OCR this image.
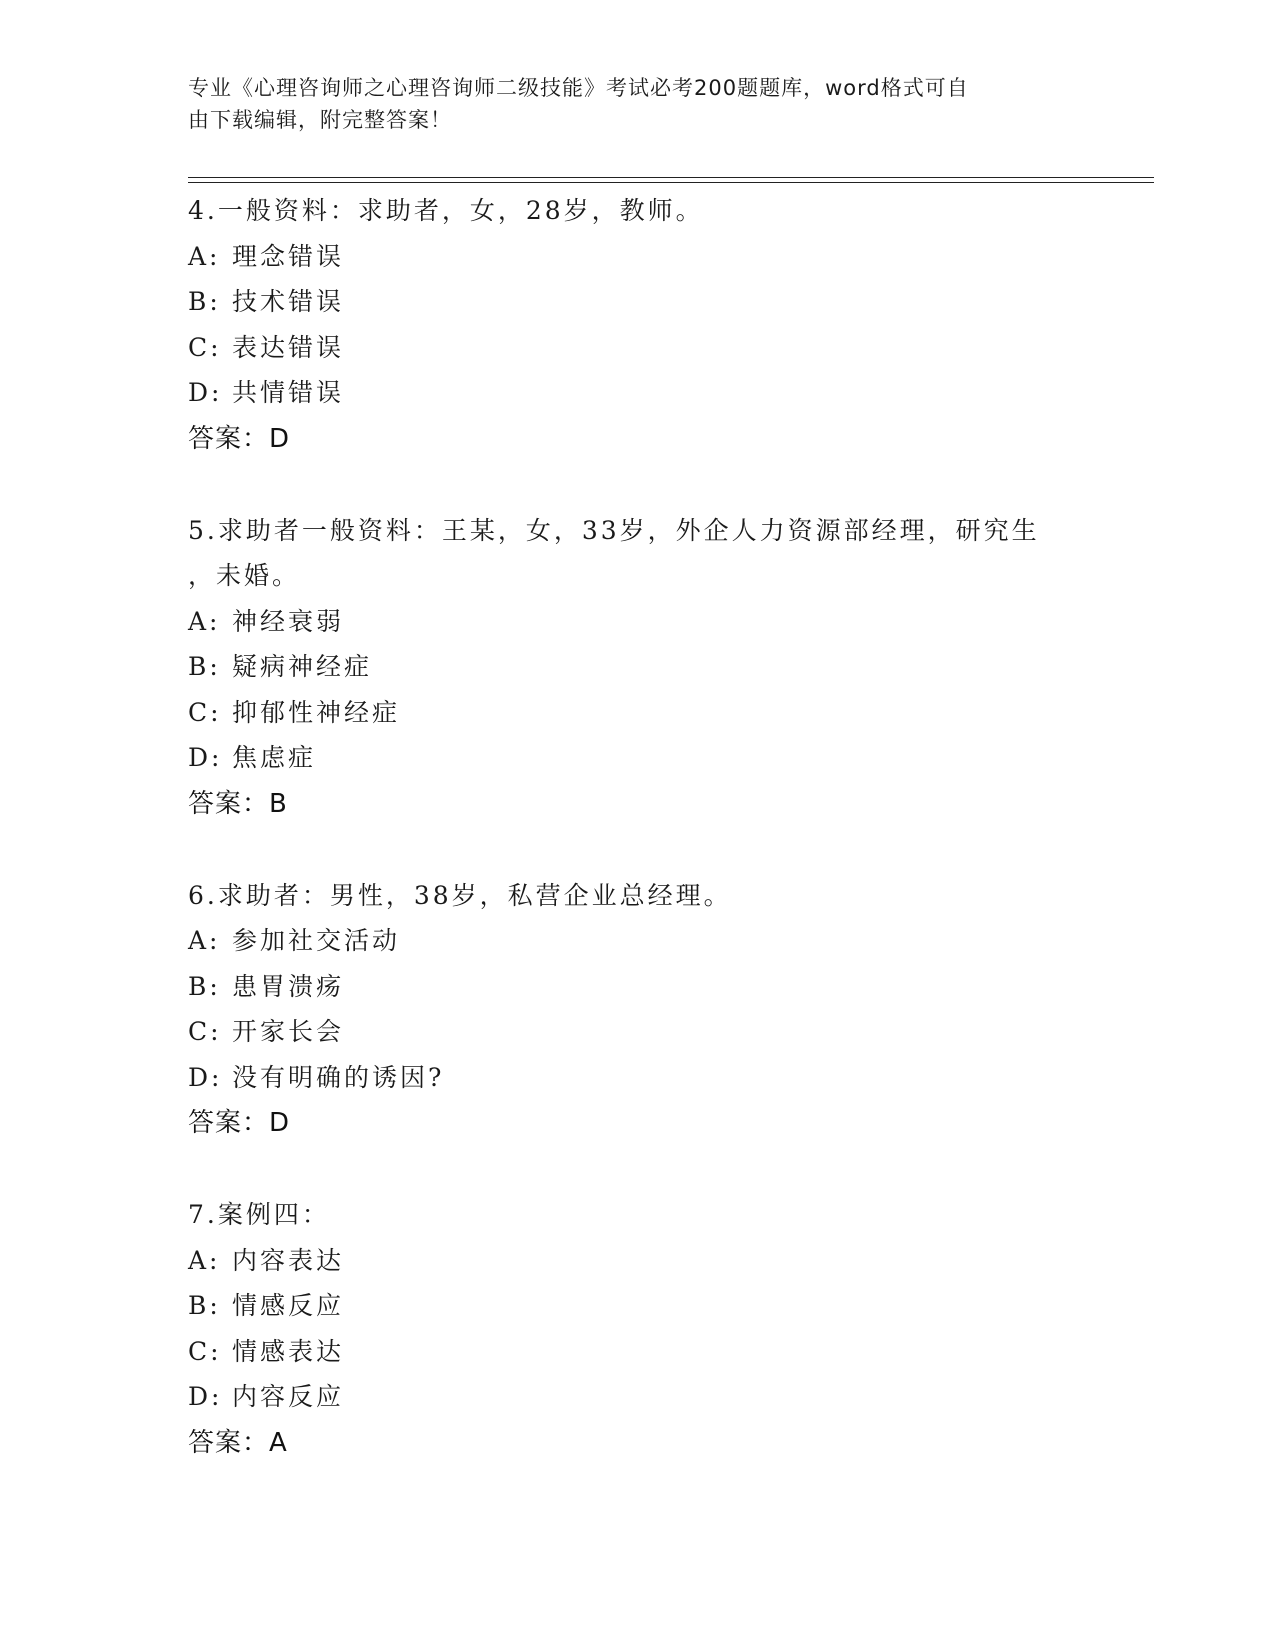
专业《心理咨询师之心理咨询师二级技能》考试必考200题题库，word格式可自
由下载编辑，附完整答案！
4.一般资料：求助者，女，28岁，教师。
A: 理念错误
B: 技术错误
C: 表达错误
D: 共情错误
答案：D
5.求助者一般资料：王某，女，33岁，外企人力资源部经理，研究生
，未婚。
A: 神经衰弱
B: 疑病神经症
C: 抑郁性神经症
D: 焦虑症
答案：B
6.求助者：男性，38岁，私营企业总经理。
A: 参加社交活动
B: 患胃溃疡
C: 开家长会
D: 没有明确的诱因?
答案：D
7.案例四：
A: 内容表达
B: 情感反应
C: 情感表达
D: 内容反应
答案：A
